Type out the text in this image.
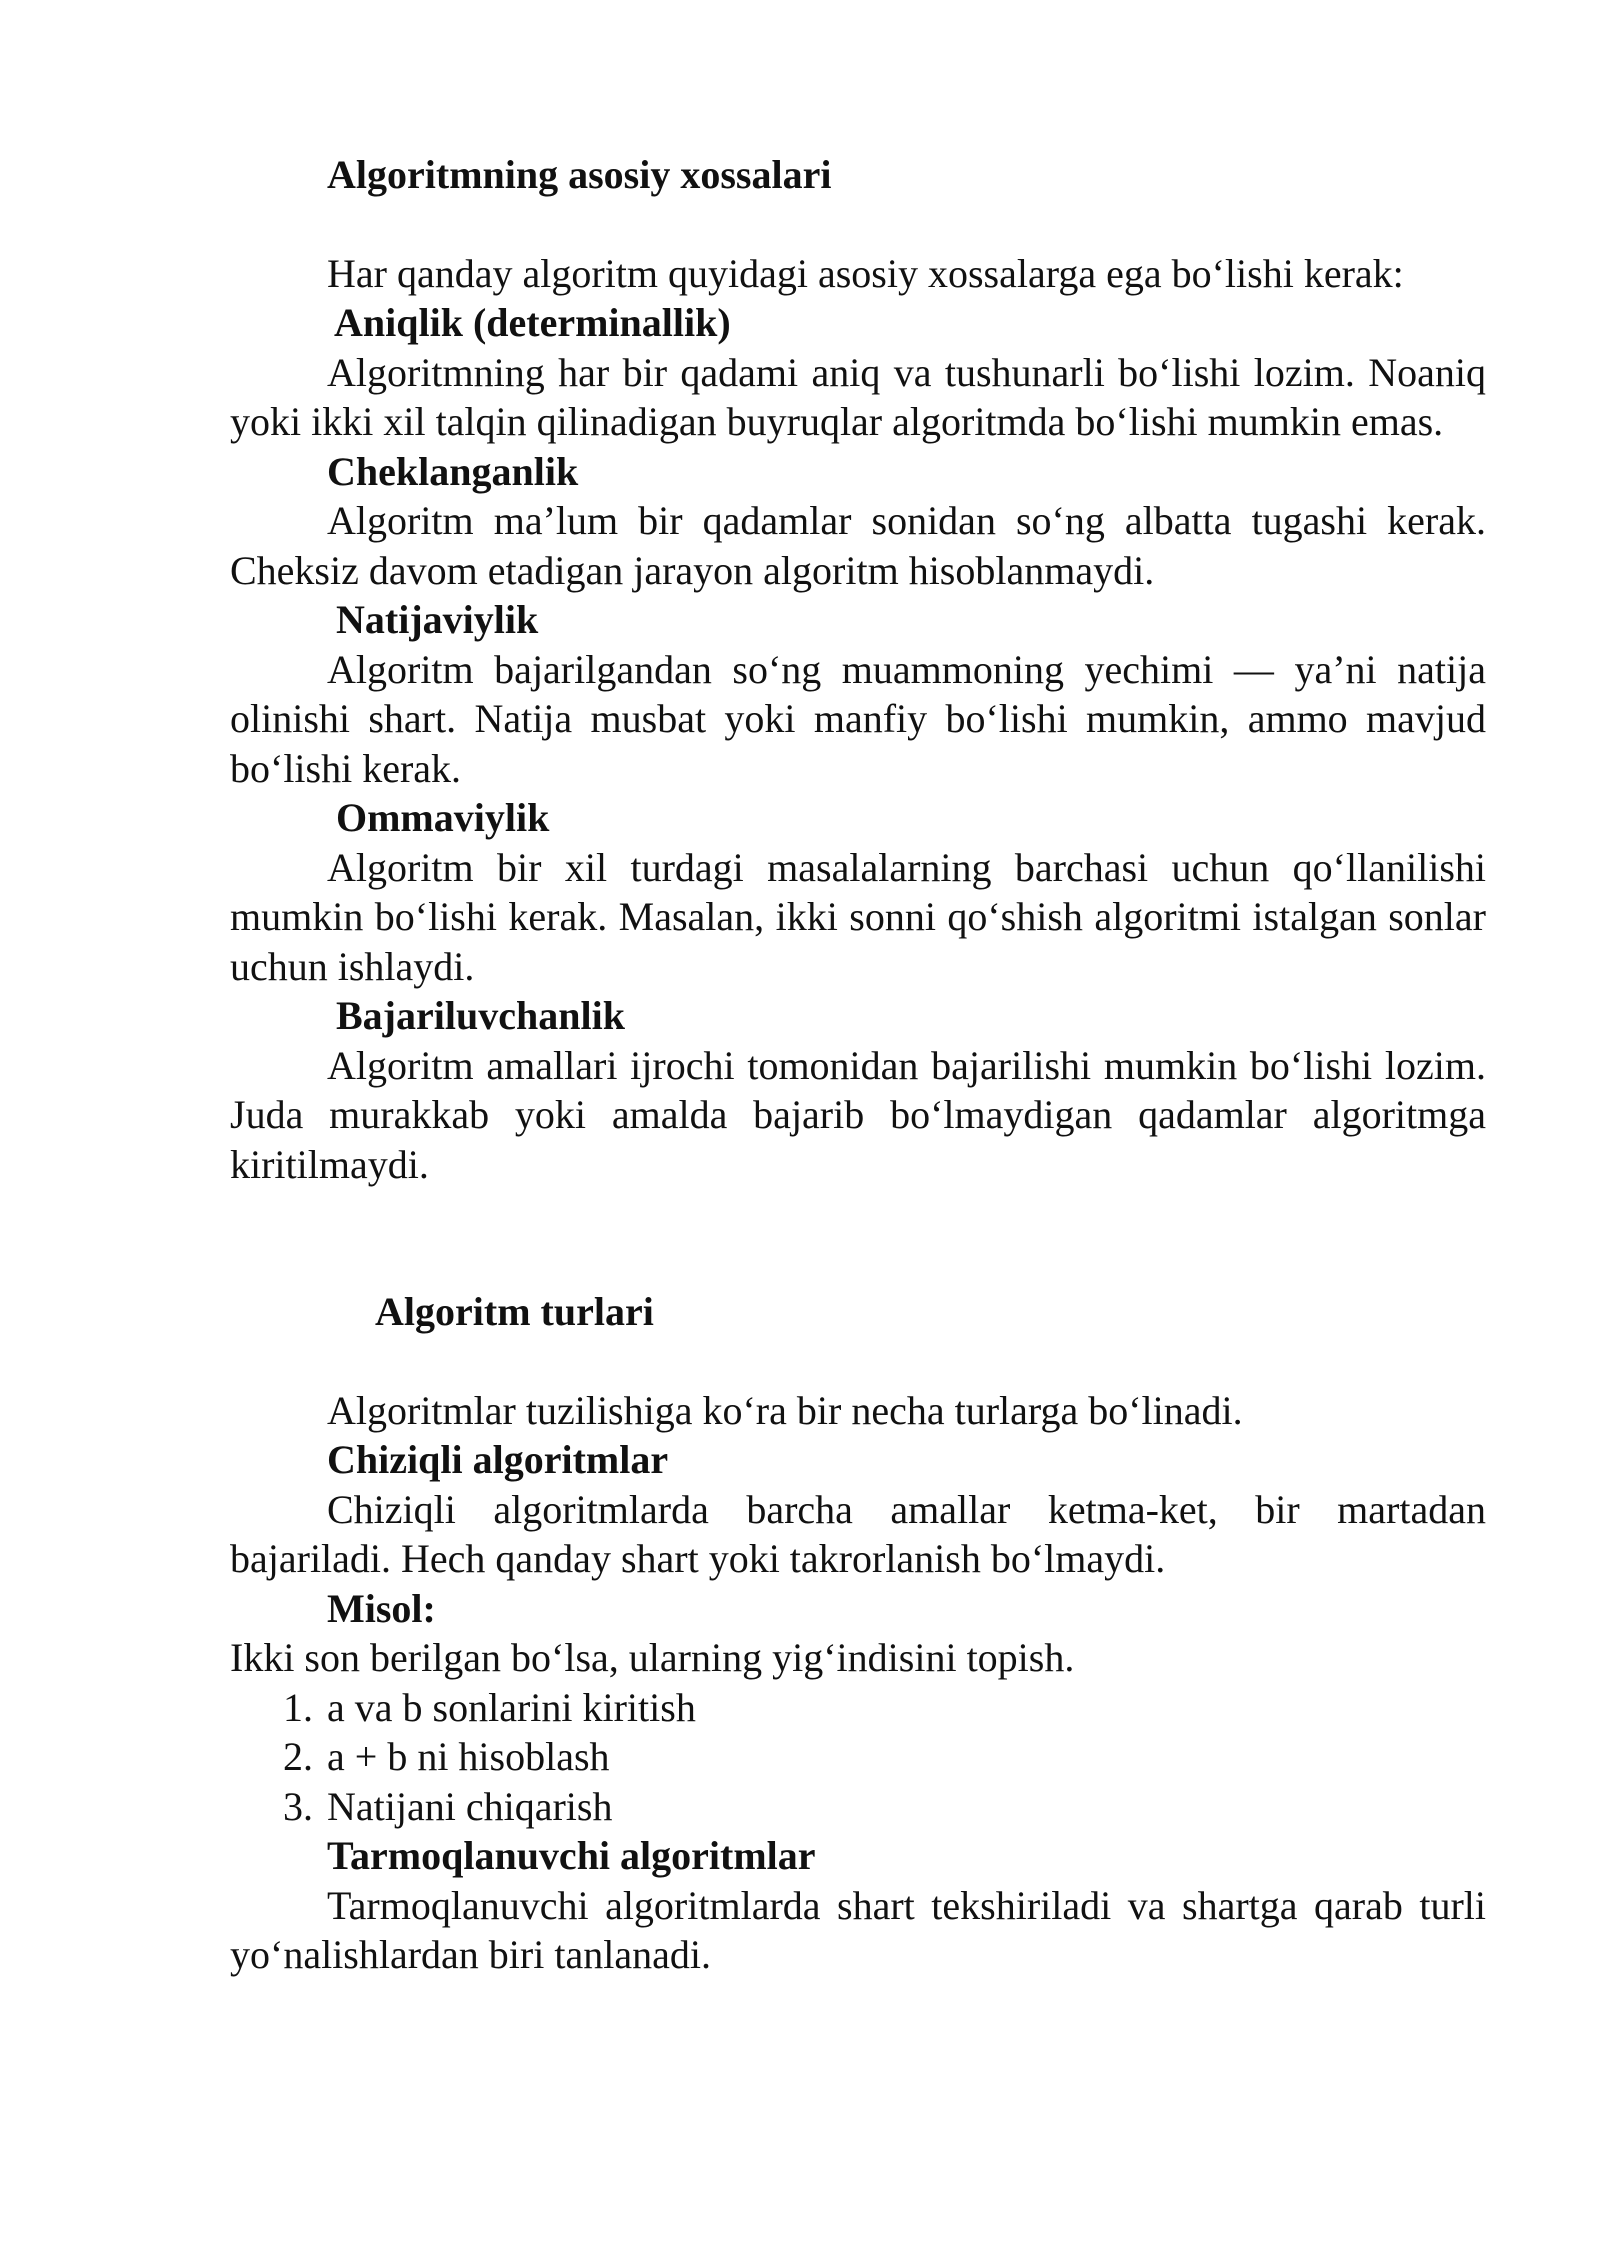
Algoritmning asosiy xossalari

Har qanday algoritm quyidagi asosiy xossalarga ega bo‘lishi kerak:

Aniqlik (determinallik)

Algoritmning har bir qadami aniq va tushunarli bo‘lishi lozim. Noaniq yoki ikki xil talqin qilinadigan buyruqlar algoritmda bo‘lishi mumkin emas.

Cheklanganlik

Algoritm ma’lum bir qadamlar sonidan so‘ng albatta tugashi kerak. Cheksiz davom etadigan jarayon algoritm hisoblanmaydi.

Natijaviylik

Algoritm bajarilgandan so‘ng muammoning yechimi — ya’ni natija olinishi shart. Natija musbat yoki manfiy bo‘lishi mumkin, ammo mavjud bo‘lishi kerak.

Ommaviylik

Algoritm bir xil turdagi masalalarning barchasi uchun qo‘llanilishi mumkin bo‘lishi kerak. Masalan, ikki sonni qo‘shish algoritmi istalgan sonlar uchun ishlaydi.

Bajariluvchanlik

Algoritm amallari ijrochi tomonidan bajarilishi mumkin bo‘lishi lozim. Juda murakkab yoki amalda bajarib bo‘lmaydigan qadamlar algoritmga kiritilmaydi.

Algoritm turlari

Algoritmlar tuzilishiga ko‘ra bir necha turlarga bo‘linadi.

Chiziqli algoritmlar

Chiziqli algoritmlarda barcha amallar ketma-ket, bir martadan bajariladi. Hech qanday shart yoki takrorlanish bo‘lmaydi.

Misol:

Ikki son berilgan bo‘lsa, ularning yig‘indisini topish.

1. a va b sonlarini kiritish
2. a + b ni hisoblash
3. Natijani chiqarish

Tarmoqlanuvchi algoritmlar

Tarmoqlanuvchi algoritmlarda shart tekshiriladi va shartga qarab turli yo‘nalishlardan biri tanlanadi.
